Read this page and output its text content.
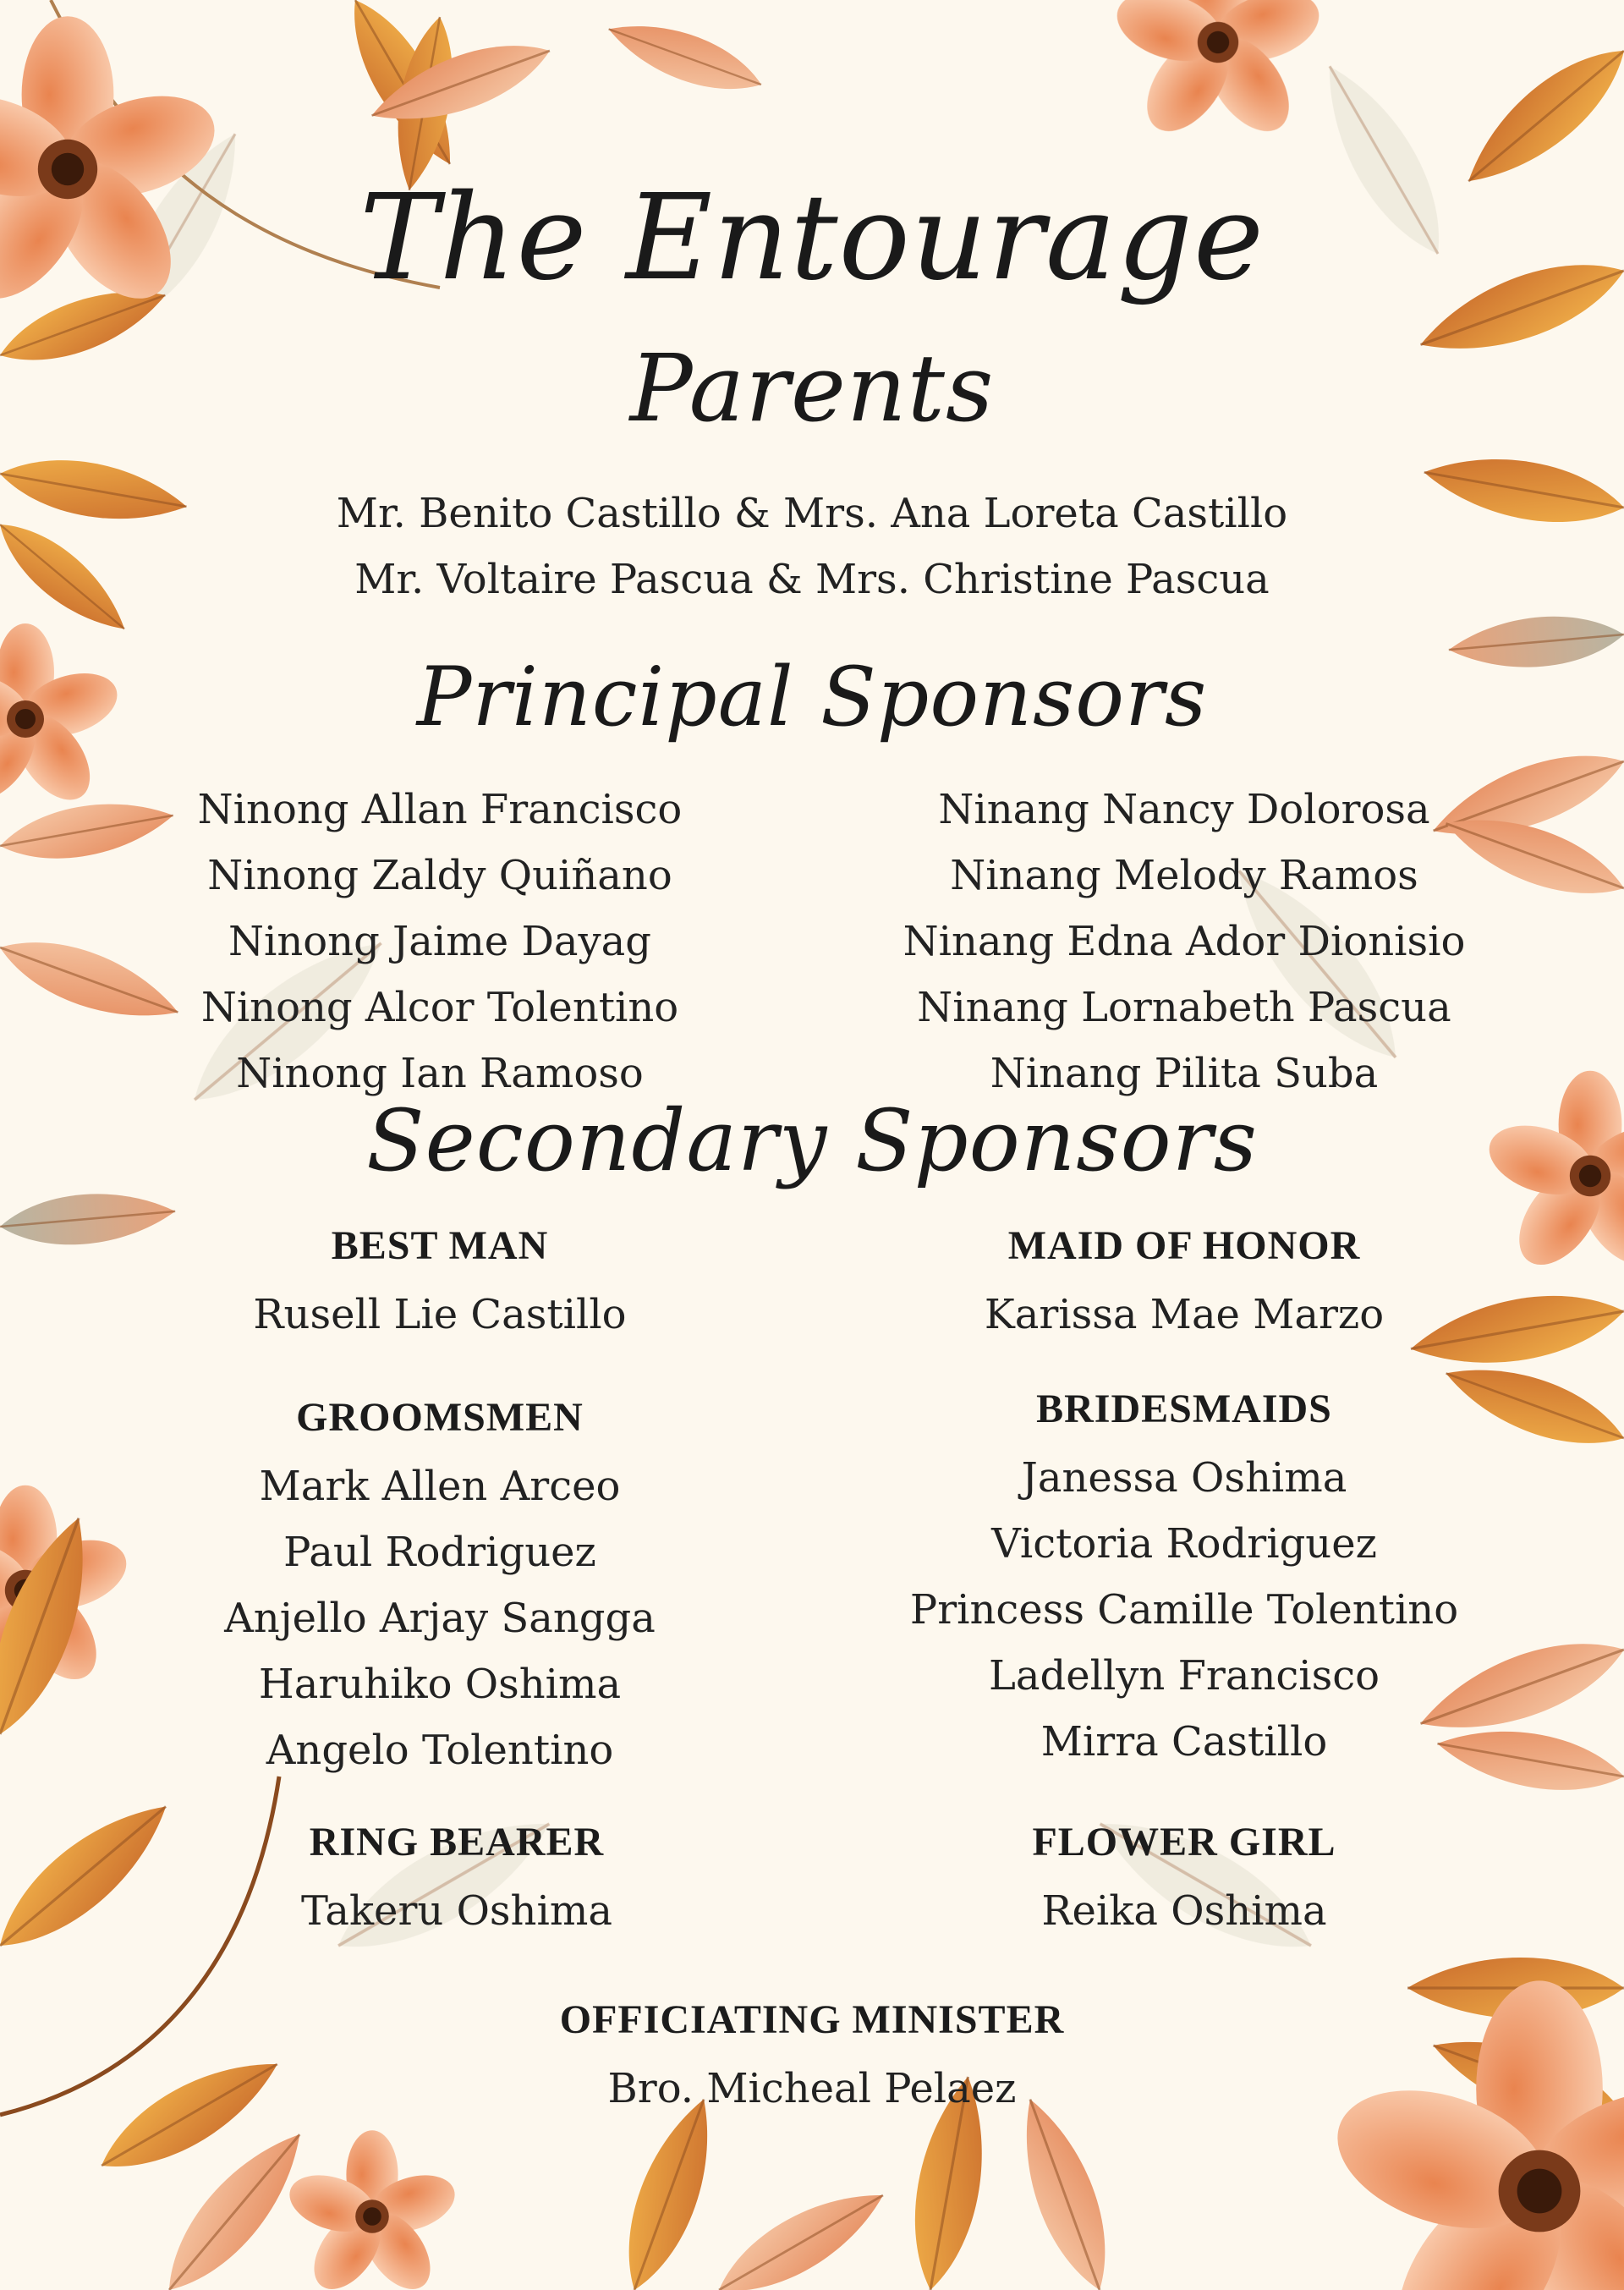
The Entourage
Parents
Mr. Benito Castillo & Mrs. Ana Loreta Castillo
Mr. Voltaire Pascua & Mrs. Christine Pascua
Principal Sponsors
Ninong Allan Francisco
Ninong Zaldy Quiñano
Ninong Jaime Dayag
Ninong Alcor Tolentino
Ninong Ian Ramoso
Ninang Nancy Dolorosa
Ninang Melody Ramos
Ninang Edna Ador Dionisio
Ninang Lornabeth Pascua
Ninang Pilita Suba
Secondary Sponsors
BEST MAN
Rusell Lie Castillo
MAID OF HONOR
Karissa Mae Marzo
GROOMSMEN
Mark Allen Arceo
Paul Rodriguez
Anjello Arjay Sangga
Haruhiko Oshima
Angelo Tolentino
BRIDESMAIDS
Janessa Oshima
Victoria Rodriguez
Princess Camille Tolentino
Ladellyn Francisco
Mirra Castillo
RING BEARER
Takeru Oshima
FLOWER GIRL
Reika Oshima
OFFICIATING MINISTER
Bro. Micheal Pelaez
